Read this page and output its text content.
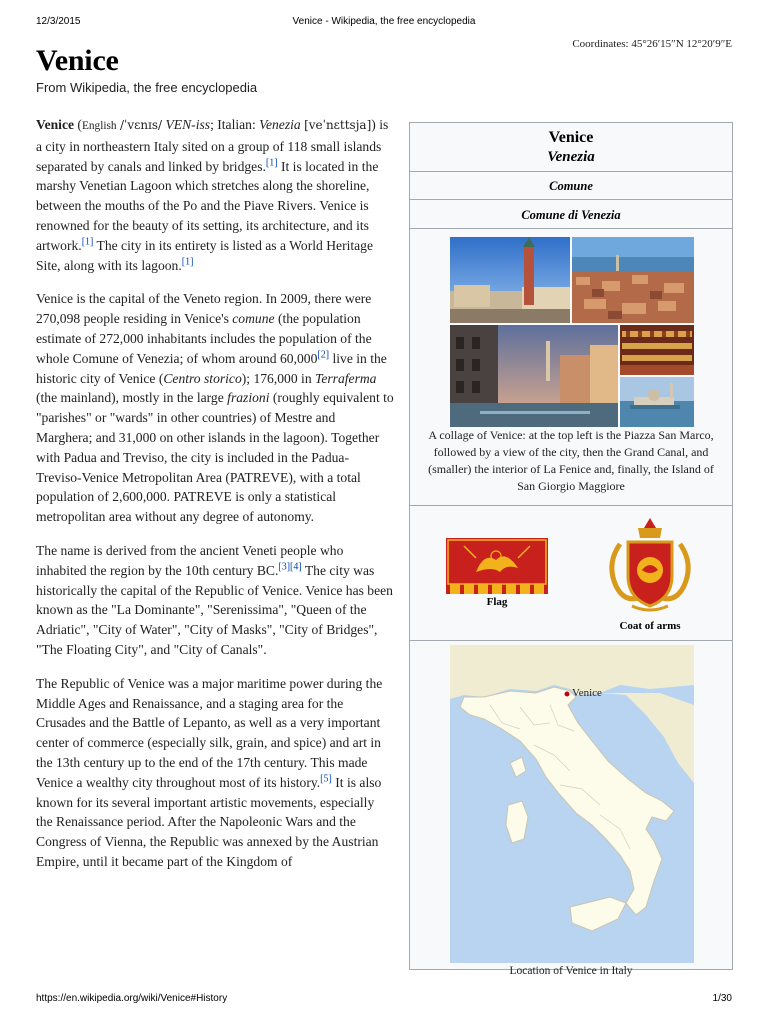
12/3/2015	Venice - Wikipedia, the free encyclopedia
Coordinates: 45°26′15″N 12°20′9″E
Venice
From Wikipedia, the free encyclopedia

Venice (English /ˈvɛnɪs/ VEN-iss; Italian: Venezia [veˈnɛttsja]) is a city in northeastern Italy sited on a group of 118 small islands separated by canals and linked by bridges.[1] It is located in the marshy Venetian Lagoon which stretches along the shoreline, between the mouths of the Po and the Piave Rivers. Venice is renowned for the beauty of its setting, its architecture, and its artwork.[1] The city in its entirety is listed as a World Heritage Site, along with its lagoon.[1]

Venice is the capital of the Veneto region. In 2009, there were 270,098 people residing in Venice's comune (the population estimate of 272,000 inhabitants includes the population of the whole Comune of Venezia; of whom around 60,000[2] live in the historic city of Venice (Centro storico); 176,000 in Terraferma (the mainland), mostly in the large frazioni (roughly equivalent to "parishes" or "wards" in other countries) of Mestre and Marghera; and 31,000 on other islands in the lagoon). Together with Padua and Treviso, the city is included in the Padua-Treviso-Venice Metropolitan Area (PATREVE), with a total population of 2,600,000. PATREVE is only a statistical metropolitan area without any degree of autonomy.

The name is derived from the ancient Veneti people who inhabited the region by the 10th century BC.[3][4] The city was historically the capital of the Republic of Venice. Venice has been known as the "La Dominante", "Serenissima", "Queen of the Adriatic", "City of Water", "City of Masks", "City of Bridges", "The Floating City", and "City of Canals".

The Republic of Venice was a major maritime power during the Middle Ages and Renaissance, and a staging area for the Crusades and the Battle of Lepanto, as well as a very important center of commerce (especially silk, grain, and spice) and art in the 13th century up to the end of the 17th century. This made Venice a wealthy city throughout most of its history.[5] It is also known for its several important artistic movements, especially the Renaissance period. After the Napoleonic Wars and the Congress of Vienna, the Republic was annexed by the Austrian Empire, until it became part of the Kingdom of

Venice
Venezia
Comune
Comune di Venezia
A collage of Venice: at the top left is the Piazza San Marco, followed by a view of the city, then the Grand Canal, and (smaller) the interior of La Fenice and, finally, the Island of San Giorgio Maggiore
Flag
Coat of arms
Venice
Location of Venice in Italy
https://en.wikipedia.org/wiki/Venice#History	1/30
